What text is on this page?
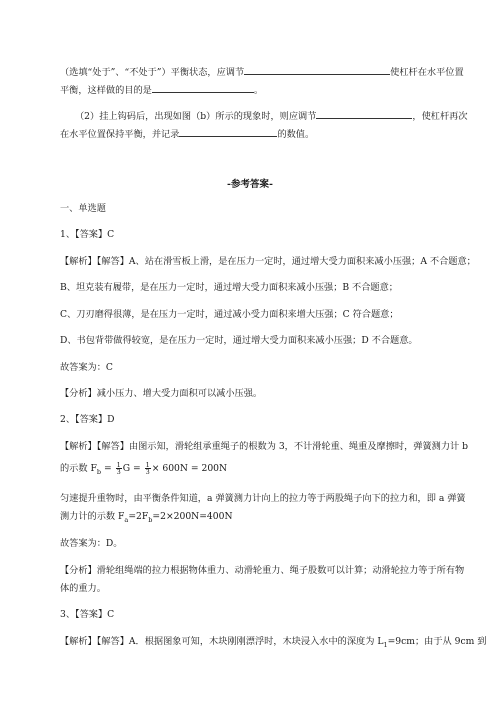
（选填“处于”、“不处于”）平衡状态，应调节	使杠杆在水平位置
平衡，这样做的目的是	。
（2）挂上钩码后，出现如图（b）所示的现象时，则应调节	，使杠杆再次
在水平位置保持平衡，并记录	的数值。
-参考答案-
一、单选题
1、【答案】C
【解析】【解答】A、站在滑雪板上滑，是在压力一定时，通过增大受力面积来减小压强；A 不合题意；
B、坦克装有履带，是在压力一定时，通过增大受力面积来减小压强；B 不合题意；
C、刀刃磨得很薄，是在压力一定时，通过减小受力面积来增大压强；C 符合题意；
D、书包背带做得较宽，是在压力一定时，通过增大受力面积来减小压强；D 不合题意。
故答案为：C
【分析】减小压力、增大受力面积可以减小压强。
2、【答案】D
【解析】【解答】由图示知，滑轮组承重绳子的根数为 3，不计滑轮重、绳重及摩擦时，弹簧测力计 b
的示数 $F_b = \frac{1}{3}$ $G = \frac{1}{3} \times 600N = 200N$
匀速提升重物时，由平衡条件知道，a 弹簧测力计向上的拉力等于两股绳子向下的拉力和，即 a 弹簧
测力计的示数 $F_a=2F_b=2\times 200N=400N$
故答案为：D。
【分析】滑轮组绳端的拉力根据物体重力、动滑轮重力、绳子股数可以计算；动滑轮拉力等于所有物
体的重力。
3、【答案】C
【解析】【解答】A．根据图象可知，木块刚刚漂浮时，木块浸入水中的深度为 $L_1=9cm$；由于从 9cm 到
